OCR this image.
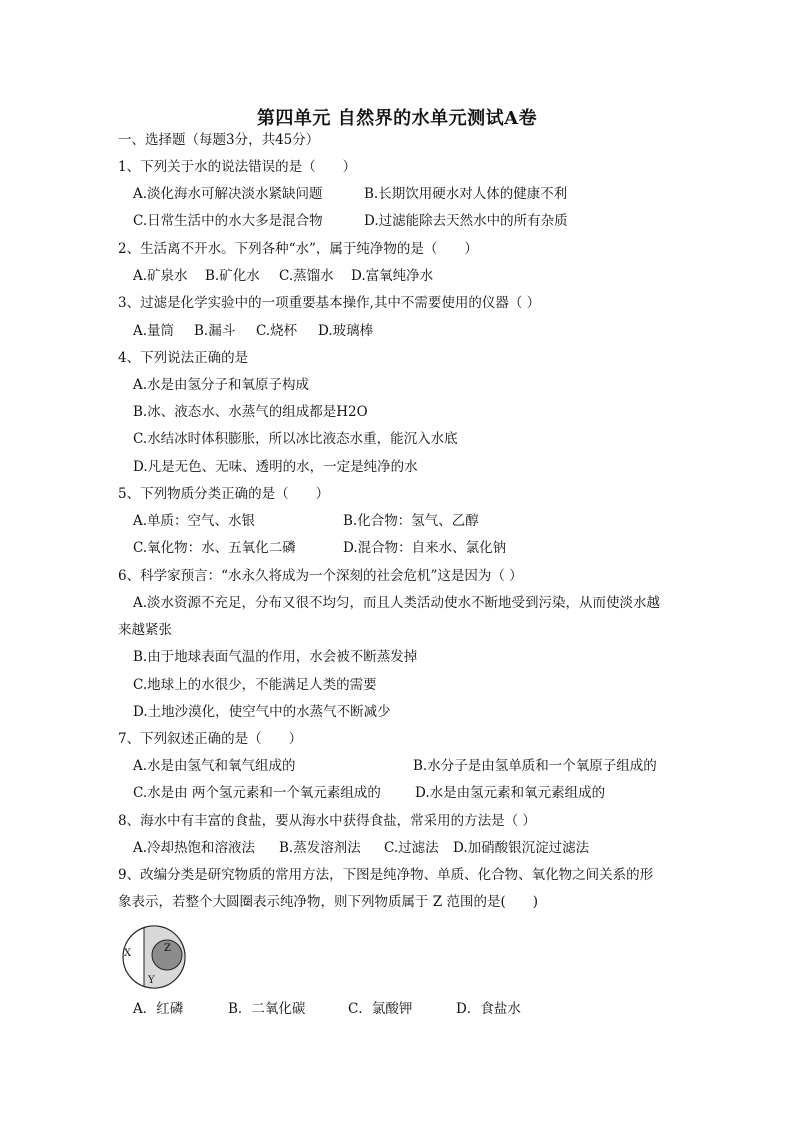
第四单元 自然界的水单元测试A卷
一、选择题（每题3分，共45分）
1、下列关于水的说法错误的是（　　）
A.淡化海水可解决淡水紧缺问题	B.长期饮用硬水对人体的健康不利
C.日常生活中的水大多是混合物	D.过滤能除去天然水中的所有杂质
2、生活离不开水。下列各种“水”，属于纯净物的是（　　）
A.矿泉水 B.矿化水 C.蒸馏水 D.富氧纯净水
3、过滤是化学实验中的一项重要基本操作,其中不需要使用的仪器（ ）
A.量筒 B.漏斗 C.烧杯 D.玻璃棒
4、下列说法正确的是
A.水是由氢分子和氧原子构成
B.冰、液态水、水蒸气的组成都是H2O
C.水结冰时体积膨胀，所以冰比液态水重，能沉入水底
D.凡是无色、无味、透明的水，一定是纯净的水
5、下列物质分类正确的是（　　）
A.单质：空气、水银	B.化合物：氢气、乙醇
C.氧化物：水、五氧化二磷	D.混合物：自来水、氯化钠
6、科学家预言：“水永久将成为一个深刻的社会危机”这是因为（ ）
A.淡水资源不充足，分布又很不均匀，而且人类活动使水不断地受到污染，从而使淡水越
来越紧张
B.由于地球表面气温的作用，水会被不断蒸发掉
C.地球上的水很少，不能满足人类的需要
D.土地沙漠化，使空气中的水蒸气不断减少
7、下列叙述正确的是（　　）
A.水是由氢气和氧气组成的	B.水分子是由氢单质和一个氧原子组成的
C.水是由 两个氢元素和一个氧元素组成的	D.水是由氢元素和氧元素组成的
8、海水中有丰富的食盐，要从海水中获得食盐，常采用的方法是（ ）
A.冷却热饱和溶液法 B.蒸发溶剂法 C.过滤法 D.加硝酸银沉淀过滤法
9、改编分类是研究物质的常用方法，下图是纯净物、单质、化合物、氧化物之间关系的形
象表示，若整个大圆圈表示纯净物，则下列物质属于 Z 范围的是(　　)
X	Z
Y
A．红磷	B．二氧化碳	C．氯酸钾	D．食盐水
